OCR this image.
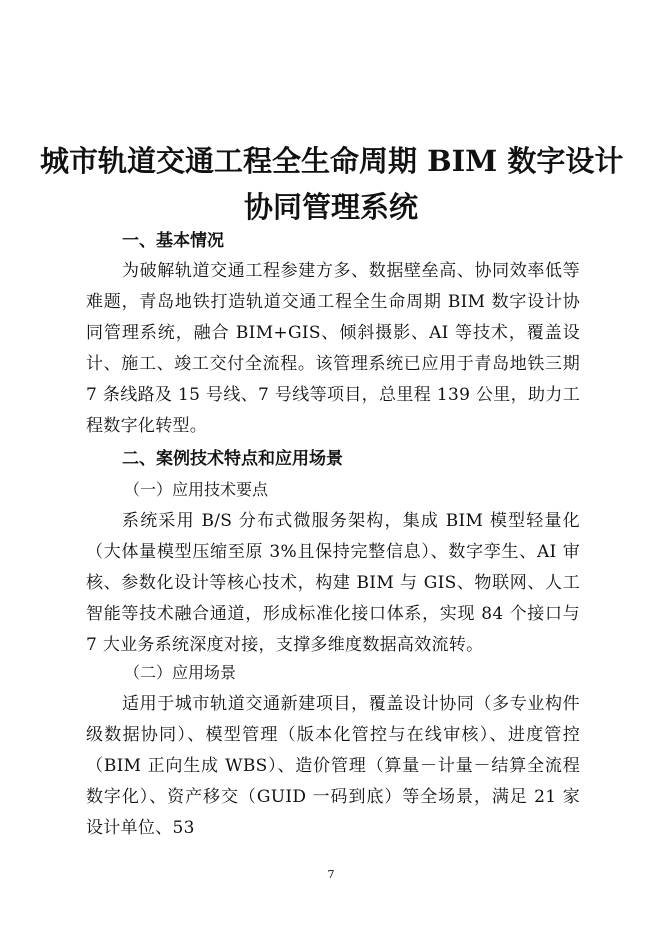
城市轨道交通工程全生命周期 BIM 数字设计
协同管理系统
一、基本情况

为破解轨道交通工程参建方多、数据壁垒高、协同效率低等难题，青岛地铁打造轨道交通工程全生命周期 BIM 数字设计协同管理系统，融合 BIM+GIS、倾斜摄影、AI 等技术，覆盖设计、施工、竣工交付全流程。该管理系统已应用于青岛地铁三期 7 条线路及 15 号线、7 号线等项目，总里程 139 公里，助力工程数字化转型。

二、案例技术特点和应用场景
（一）应用技术要点

系统采用 B/S 分布式微服务架构，集成 BIM 模型轻量化（大体量模型压缩至原 3%且保持完整信息）、数字孪生、AI 审核、参数化设计等核心技术，构建 BIM 与 GIS、物联网、人工智能等技术融合通道，形成标准化接口体系，实现 84 个接口与 7 大业务系统深度对接，支撑多维度数据高效流转。

（二）应用场景

适用于城市轨道交通新建项目，覆盖设计协同（多专业构件级数据协同）、模型管理（版本化管控与在线审核）、进度管控（BIM 正向生成 WBS）、造价管理（算量－计量－结算全流程数字化）、资产移交（GUID 一码到底）等全场景，满足 21 家设计单位、53

7
